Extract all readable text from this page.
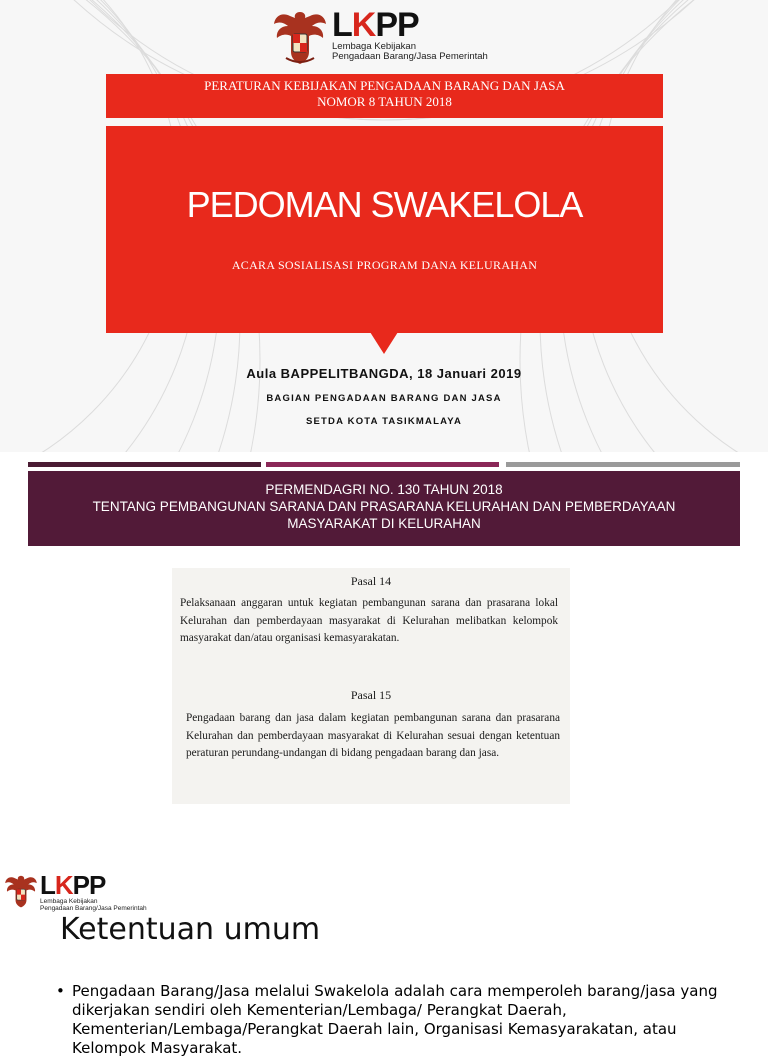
LKPP
Lembaga Kebijakan
Pengadaan Barang/Jasa Pemerintah
PERATURAN KEBIJAKAN PENGADAAN BARANG DAN JASA
NOMOR 8 TAHUN 2018
PEDOMAN SWAKELOLA
ACARA SOSIALISASI PROGRAM DANA KELURAHAN
Aula BAPPELITBANGDA, 18 Januari 2019
BAGIAN PENGADAAN BARANG DAN JASA
SETDA KOTA TASIKMALAYA
PERMENDAGRI NO. 130 TAHUN 2018
TENTANG PEMBANGUNAN SARANA DAN PRASARANA KELURAHAN DAN PEMBERDAYAAN
MASYARAKAT DI KELURAHAN
Pasal 14
Pelaksanaan anggaran untuk kegiatan pembangunan sarana dan prasarana lokal Kelurahan dan pemberdayaan masyarakat di Kelurahan melibatkan kelompok masyarakat dan/atau organisasi kemasyarakatan.
Pasal 15
Pengadaan barang dan jasa dalam kegiatan pembangunan sarana dan prasarana Kelurahan dan pemberdayaan masyarakat di Kelurahan sesuai dengan ketentuan peraturan perundang-undangan di bidang pengadaan barang dan jasa.
LKPP
Lembaga Kebijakan
Pengadaan Barang/Jasa Pemerintah
Ketentuan umum
• Pengadaan Barang/Jasa melalui Swakelola adalah cara memperoleh barang/jasa yang dikerjakan sendiri oleh Kementerian/Lembaga/ Perangkat Daerah, Kementerian/Lembaga/Perangkat Daerah lain, Organisasi Kemasyarakatan, atau Kelompok Masyarakat.
